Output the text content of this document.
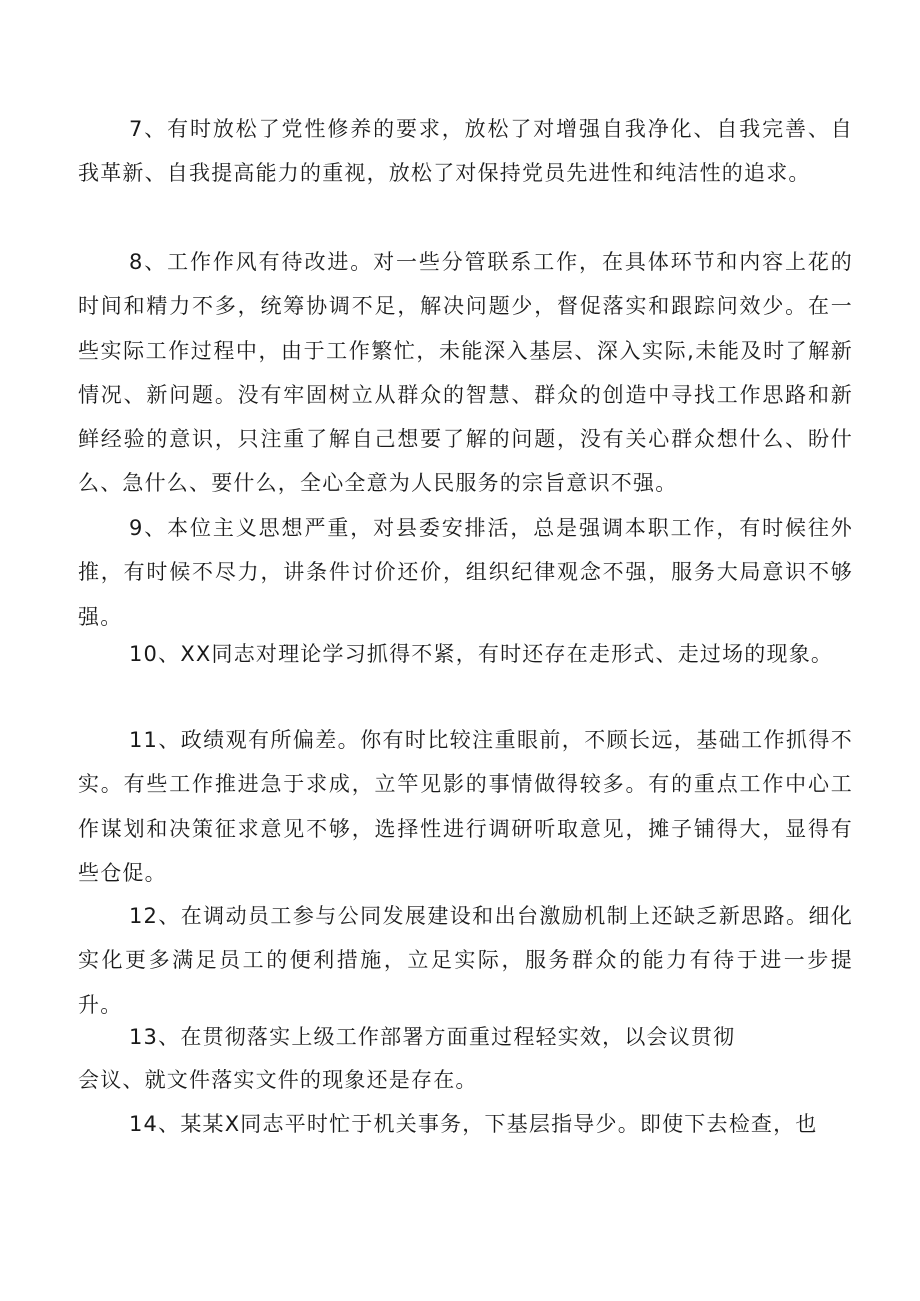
7、有时放松了党性修养的要求，放松了对增强自我净化、自我完善、自我革新、自我提高能力的重视，放松了对保持党员先进性和纯洁性的追求。

8、工作作风有待改进。对一些分管联系工作，在具体环节和内容上花的时间和精力不多，统筹协调不足，解决问题少，督促落实和跟踪问效少。在一些实际工作过程中，由于工作繁忙，未能深入基层、深入实际,未能及时了解新情况、新问题。没有牢固树立从群众的智慧、群众的创造中寻找工作思路和新鲜经验的意识，只注重了解自己想要了解的问题，没有关心群众想什么、盼什么、急什么、要什么，全心全意为人民服务的宗旨意识不强。

9、本位主义思想严重，对县委安排活，总是强调本职工作，有时候往外推，有时候不尽力，讲条件讨价还价，组织纪律观念不强，服务大局意识不够强。

10、XX同志对理论学习抓得不紧，有时还存在走形式、走过场的现象。

11、政绩观有所偏差。你有时比较注重眼前，不顾长远，基础工作抓得不实。有些工作推进急于求成，立竿见影的事情做得较多。有的重点工作中心工作谋划和决策征求意见不够，选择性进行调研听取意见，摊子铺得大，显得有些仓促。

12、在调动员工参与公同发展建设和出台激励机制上还缺乏新思路。细化实化更多满足员工的便利措施，立足实际，服务群众的能力有待于进一步提升。

13、在贯彻落实上级工作部署方面重过程轻实效，以会议贯彻

会议、就文件落实文件的现象还是存在。

14、某某X同志平时忙于机关事务，下基层指导少。即使下去检查，也
